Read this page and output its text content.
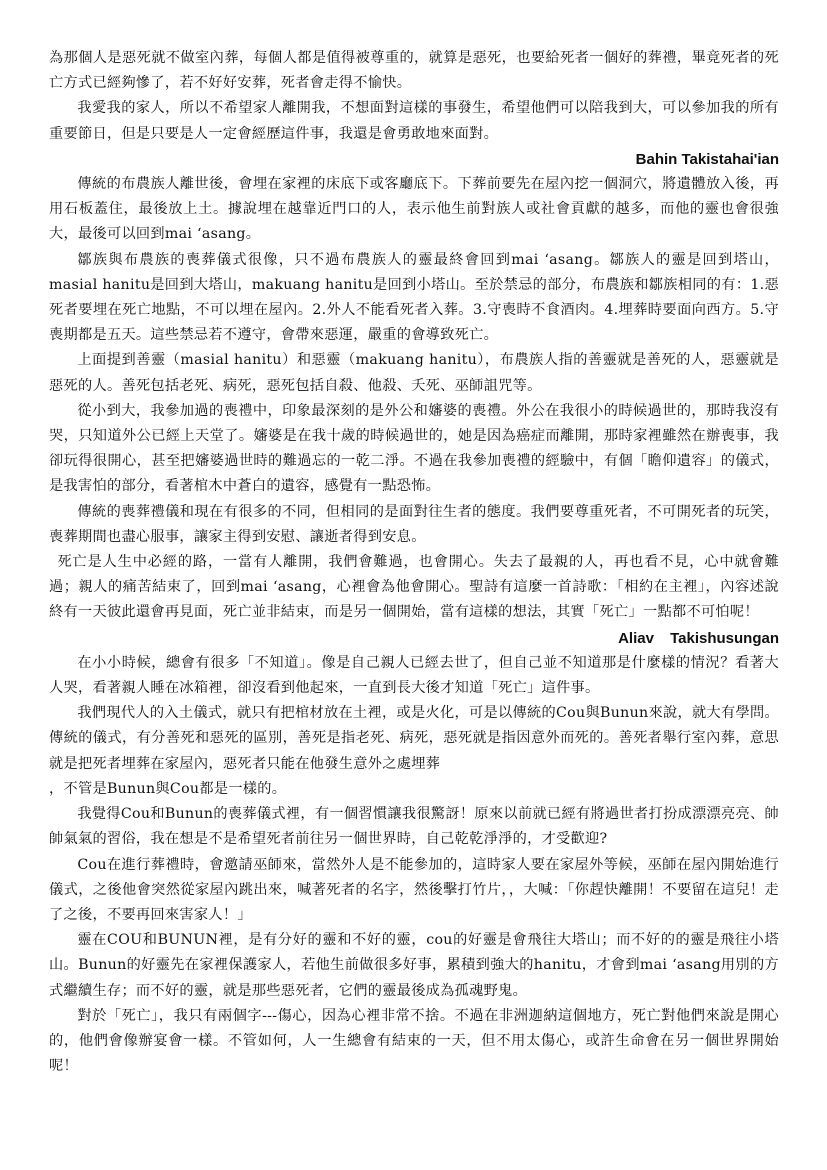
為那個人是惡死就不做室內葬，每個人都是值得被尊重的，就算是惡死，也要給死者一個好的葬禮，畢竟死者的死亡方式已經夠慘了，若不好好安葬，死者會走得不愉快。

我愛我的家人，所以不希望家人離開我，不想面對這樣的事發生，希望他們可以陪我到大，可以參加我的所有重要節日，但是只要是人一定會經歷這件事，我還是會勇敢地來面對。

Bahin Takistahai'ian

傳統的布農族人離世後，會埋在家裡的床底下或客廳底下。下葬前要先在屋內挖一個洞穴，將遺體放入後，再用石板蓋住，最後放上土。據說埋在越靠近門口的人，表示他生前對族人或社會貢獻的越多，而他的靈也會很強大，最後可以回到mai ‘asang。

鄒族與布農族的喪葬儀式很像，只不過布農族人的靈最終會回到mai ‘asang。鄒族人的靈是回到塔山，masial hanitu是回到大塔山，makuang hanitu是回到小塔山。至於禁忌的部分，布農族和鄒族相同的有：1.惡死者要埋在死亡地點，不可以埋在屋內。2.外人不能看死者入葬。3.守喪時不食酒肉。4.埋葬時要面向西方。5.守喪期都是五天。這些禁忌若不遵守，會帶來惡運，嚴重的會導致死亡。

上面提到善靈（masial hanitu）和惡靈（makuang hanitu），布農族人指的善靈就是善死的人，惡靈就是惡死的人。善死包括老死、病死，惡死包括自殺、他殺、夭死、巫師詛咒等。

從小到大，我參加過的喪禮中，印象最深刻的是外公和嬸婆的喪禮。外公在我很小的時候過世的，那時我沒有哭，只知道外公已經上天堂了。嬸婆是在我十歲的時候過世的，她是因為癌症而離開，那時家裡雖然在辦喪事，我卻玩得很開心，甚至把嬸婆過世時的難過忘的一乾二淨。不過在我參加喪禮的經驗中，有個「瞻仰遺容」的儀式，是我害怕的部分，看著棺木中蒼白的遺容，感覺有一點恐怖。

傳統的喪葬禮儀和現在有很多的不同，但相同的是面對往生者的態度。我們要尊重死者，不可開死者的玩笑，喪葬期間也盡心服事，讓家主得到安慰、讓逝者得到安息。

死亡是人生中必經的路，一當有人離開，我們會難過，也會開心。失去了最親的人，再也看不見，心中就會難過；親人的痛苦結束了，回到mai ‘asang，心裡會為他會開心。聖詩有這麼一首詩歌：「相約在主裡」，內容述說終有一天彼此還會再見面，死亡並非結束，而是另一個開始，當有這樣的想法，其實「死亡」一點都不可怕呢！

Aliav Takishusungan

在小小時候，總會有很多「不知道」。像是自己親人已經去世了，但自己並不知道那是什麼樣的情況？看著大人哭，看著親人睡在冰箱裡，卻沒看到他起來，一直到長大後才知道「死亡」這件事。

我們現代人的入土儀式，就只有把棺材放在土裡，或是火化，可是以傳統的Cou與Bunun來說，就大有學問。傳統的儀式，有分善死和惡死的區別，善死是指老死、病死，惡死就是指因意外而死的。善死者舉行室內葬，意思就是把死者埋葬在家屋內，惡死者只能在他發生意外之處埋葬

，不管是Bunun與Cou都是一樣的。

我覺得Cou和Bunun的喪葬儀式裡，有一個習慣讓我很驚訝！原來以前就已經有將過世者打扮成漂漂亮亮、帥帥氣氣的習俗，我在想是不是希望死者前往另一個世界時，自己乾乾淨淨的，才受歡迎?

Cou在進行葬禮時，會邀請巫師來，當然外人是不能參加的，這時家人要在家屋外等候，巫師在屋內開始進行儀式，之後他會突然從家屋內跳出來，喊著死者的名字，然後擊打竹片，，大喊：「你趕快離開！不要留在這兒！走了之後，不要再回來害家人！」

靈在COU和BUNUN裡，是有分好的靈和不好的靈，cou的好靈是會飛往大塔山；而不好的的靈是飛往小塔山。Bunun的好靈先在家裡保護家人，若他生前做很多好事，累積到強大的hanitu，才會到mai ‘asang用別的方式繼續生存；而不好的靈，就是那些惡死者，它們的靈最後成為孤魂野鬼。

對於「死亡」，我只有兩個字---傷心，因為心裡非常不捨。不過在非洲迦納這個地方，死亡對他們來說是開心的，他們會像辦宴會一樣。不管如何，人一生總會有結束的一天，但不用太傷心，或許生命會在另一個世界開始呢！
